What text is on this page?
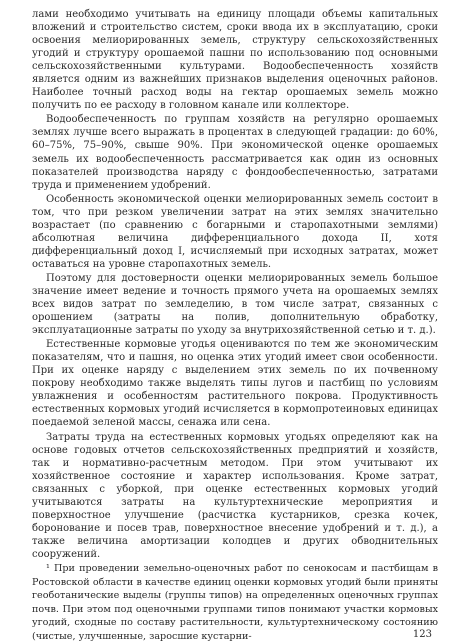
лами необходимо учитывать на единицу площади объемы капитальных вложений и строительство систем, сроки ввода их в эксплуатацию, сроки освоения мелиорированных земель, структуру сельскохозяйственных угодий и структуру орошаемой пашни по использованию под основными сельскохозяйственными культурами. Водообеспеченность хозяйств является одним из важнейших признаков выделения оценочных районов. Наиболее точный расход воды на гектар орошаемых земель можно получить по ее расходу в головном канале или коллекторе.

Водообеспеченность по группам хозяйств на регулярно орошаемых землях лучше всего выражать в процентах в следующей градации: до 60%, 60–75%, 75–90%, свыше 90%. При экономической оценке орошаемых земель их водообеспеченность рассматривается как один из основных показателей производства наряду с фондообеспеченностью, затратами труда и применением удобрений.

Особенность экономической оценки мелиорированных земель состоит в том, что при резком увеличении затрат на этих землях значительно возрастает (по сравнению с богарными и старопахотными землями) абсолютная величина дифференциального дохода II, хотя дифференциальный доход I, исчисляемый при исходных затратах, может оставаться на уровне старопахотных земель.

Поэтому для достоверности оценки мелиорированных земель большое значение имеет ведение и точность прямого учета на орошаемых землях всех видов затрат по земледелию, в том числе затрат, связанных с орошением (затраты на полив, дополнительную обработку, эксплуатационные затраты по уходу за внутрихозяйственной сетью и т. д.).

Естественные кормовые угодья оцениваются по тем же экономическим показателям, что и пашня, но оценка этих угодий имеет свои особенности. При их оценке наряду с выделением этих земель по их почвенному покрову необходимо также выделять типы лугов и пастбищ по условиям увлажнения и особенностям растительного покрова. Продуктивность естественных кормовых угодий исчисляется в кормопротеиновых единицах поедаемой зеленой массы, сенажа или сена.

Затраты труда на естественных кормовых угодьях определяют как на основе годовых отчетов сельскохозяйственных предприятий и хозяйств, так и нормативно-расчетным методом. При этом учитывают их хозяйственное состояние и характер использования. Кроме затрат, связанных с уборкой, при оценке естественных кормовых угодий учитываются затраты на культуртехнические мероприятия и поверхностное улучшение (расчистка кустарников, срезка кочек, боронование и посев трав, поверхностное внесение удобрений и т. д.), а также величина амортизации колодцев и других обводнительных сооружений.

¹ При проведении земельно-оценочных работ по сенокосам и пастбищам в Ростовской области в качестве единиц оценки кормовых угодий были приняты геоботанические выделы (группы типов) на определенных оценочных группах почв. При этом под оценочными группами типов понимают участки кормовых угодий, сходные по составу растительности, культуртехническому состоянию (чистые, улучшенные, заросшие кустарни-	123
